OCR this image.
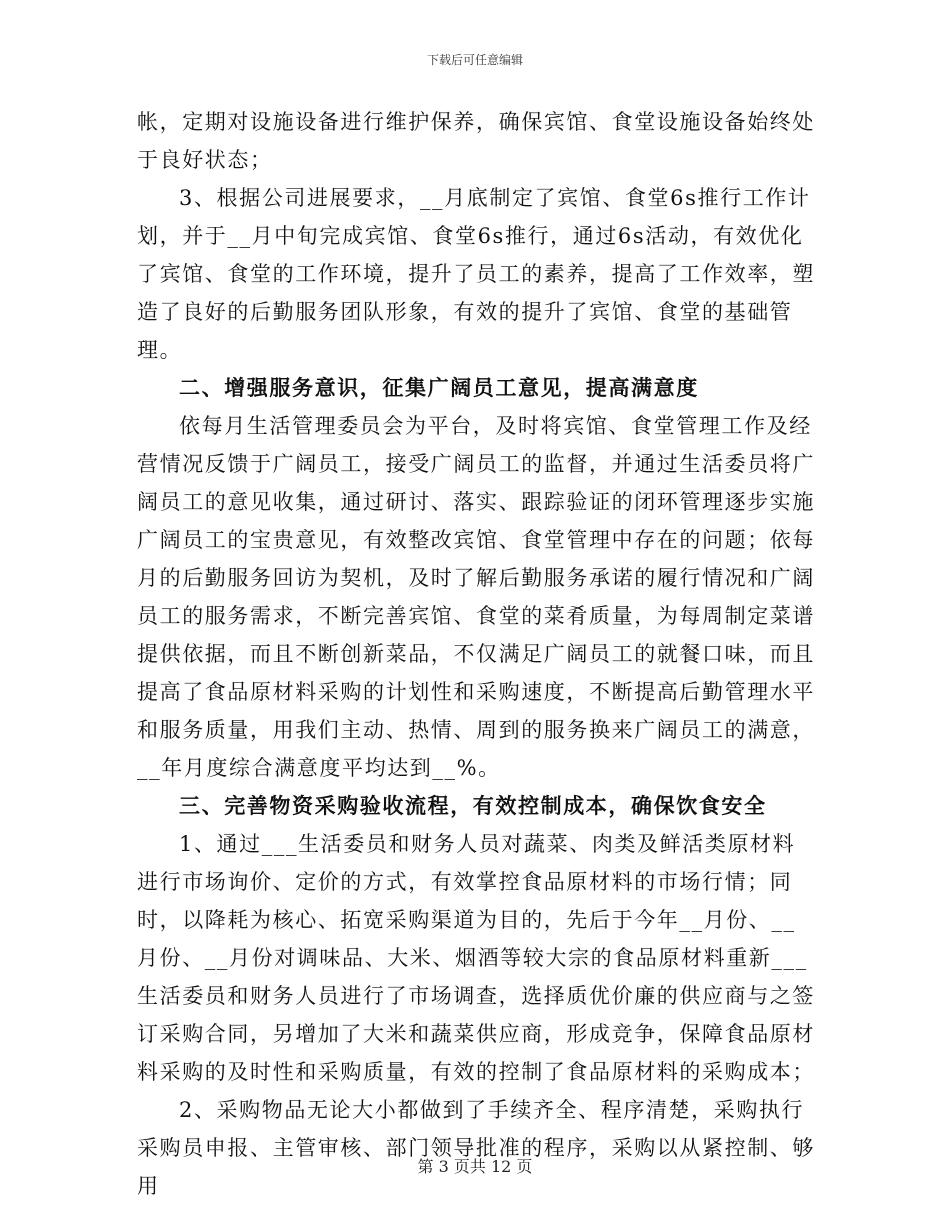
下载后可任意编辑

帐，定期对设施设备进行维护保养，确保宾馆、食堂设施设备始终处于良好状态；

3、根据公司进展要求，__月底制定了宾馆、食堂6s推行工作计划，并于__月中旬完成宾馆、食堂6s推行，通过6s活动，有效优化了宾馆、食堂的工作环境，提升了员工的素养，提高了工作效率，塑造了良好的后勤服务团队形象，有效的提升了宾馆、食堂的基础管理。

二、增强服务意识，征集广阔员工意见，提高满意度

依每月生活管理委员会为平台，及时将宾馆、食堂管理工作及经营情况反馈于广阔员工，接受广阔员工的监督，并通过生活委员将广阔员工的意见收集，通过研讨、落实、跟踪验证的闭环管理逐步实施广阔员工的宝贵意见，有效整改宾馆、食堂管理中存在的问题；依每月的后勤服务回访为契机，及时了解后勤服务承诺的履行情况和广阔员工的服务需求，不断完善宾馆、食堂的菜肴质量，为每周制定菜谱提供依据，而且不断创新菜品，不仅满足广阔员工的就餐口味，而且提高了食品原材料采购的计划性和采购速度，不断提高后勤管理水平和服务质量，用我们主动、热情、周到的服务换来广阔员工的满意，__年月度综合满意度平均达到__%。

三、完善物资采购验收流程，有效控制成本，确保饮食安全

1、通过___生活委员和财务人员对蔬菜、肉类及鲜活类原材料进行市场询价、定价的方式，有效掌控食品原材料的市场行情；同时，以降耗为核心、拓宽采购渠道为目的，先后于今年__月份、__月份、__月份对调味品、大米、烟酒等较大宗的食品原材料重新___生活委员和财务人员进行了市场调查，选择质优价廉的供应商与之签订采购合同，另增加了大米和蔬菜供应商，形成竞争，保障食品原材料采购的及时性和采购质量，有效的控制了食品原材料的采购成本；

2、采购物品无论大小都做到了手续齐全、程序清楚，采购执行采购员申报、主管审核、部门领导批准的程序，采购以从紧控制、够用

第 3 页共 12 页
